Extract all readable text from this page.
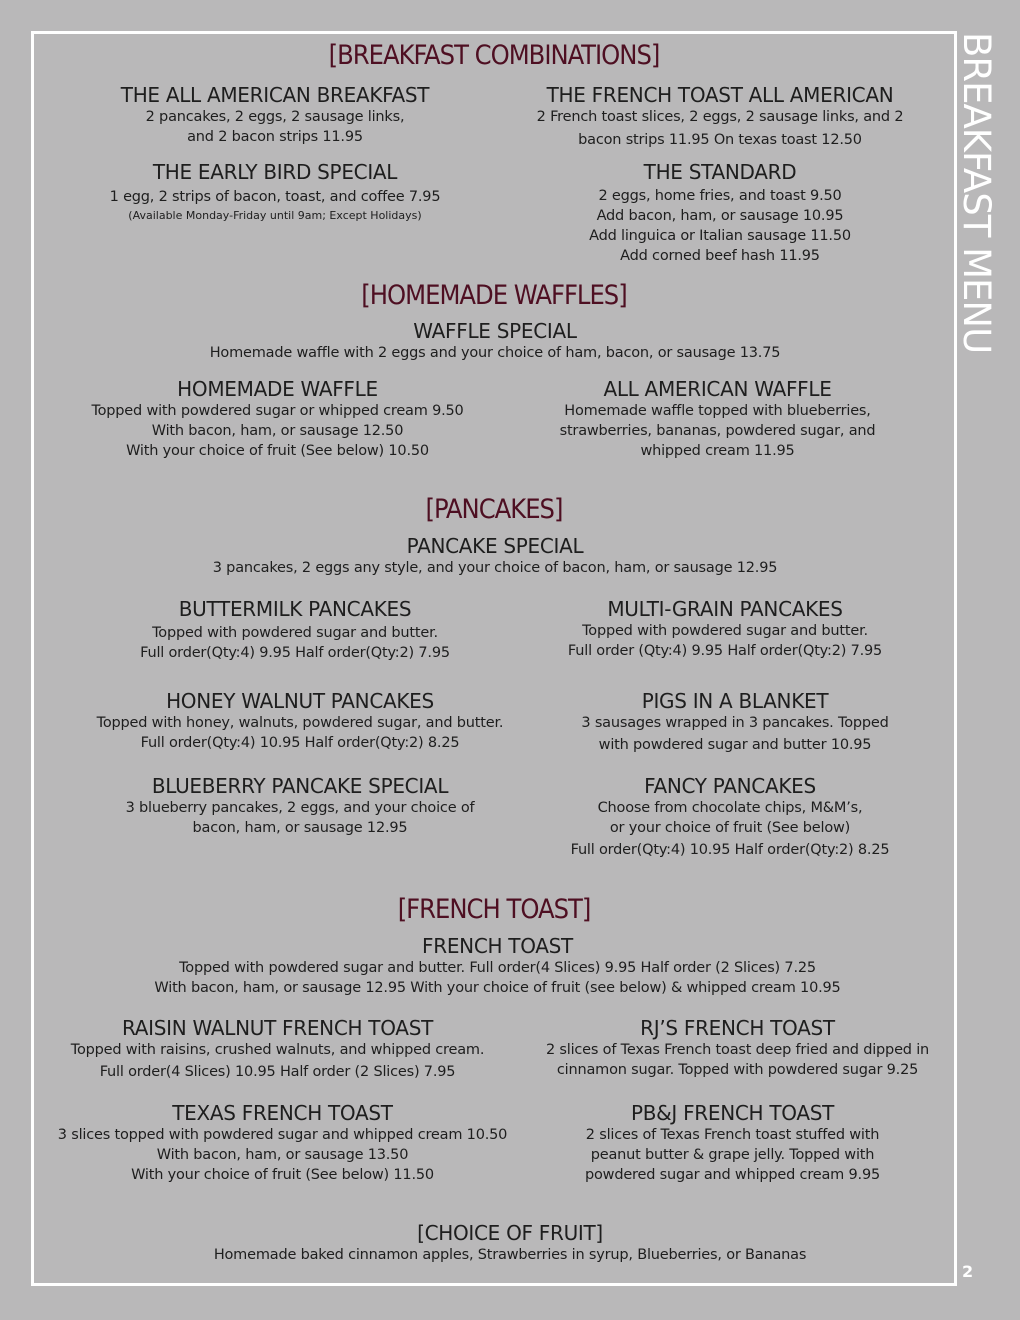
BREAKFAST MENU
2
[BREAKFAST COMBINATIONS]
THE ALL AMERICAN BREAKFAST
2 pancakes, 2 eggs, 2 sausage links,
and 2 bacon strips 11.95
THE FRENCH TOAST ALL AMERICAN
2 French toast slices, 2 eggs, 2 sausage links, and 2
bacon strips 11.95 On texas toast 12.50
THE EARLY BIRD SPECIAL
1 egg, 2 strips of bacon, toast, and coffee 7.95
(Available Monday-Friday until 9am; Except Holidays)
THE STANDARD
2 eggs, home fries, and toast 9.50
Add bacon, ham, or sausage 10.95
Add linguica or Italian sausage 11.50
Add corned beef hash 11.95
[HOMEMADE WAFFLES]
WAFFLE SPECIAL
Homemade waffle with 2 eggs and your choice of ham, bacon, or sausage 13.75
HOMEMADE WAFFLE
Topped with powdered sugar or whipped cream 9.50
With bacon, ham, or sausage 12.50
With your choice of fruit (See below) 10.50
ALL AMERICAN WAFFLE
Homemade waffle topped with blueberries,
strawberries, bananas, powdered sugar, and
whipped cream 11.95
[PANCAKES]
PANCAKE SPECIAL
3 pancakes, 2 eggs any style, and your choice of bacon, ham, or sausage 12.95
BUTTERMILK PANCAKES
Topped with powdered sugar and butter.
Full order(Qty:4) 9.95 Half order(Qty:2) 7.95
MULTI-GRAIN PANCAKES
Topped with powdered sugar and butter.
Full order (Qty:4) 9.95 Half order(Qty:2) 7.95
HONEY WALNUT PANCAKES
Topped with honey, walnuts, powdered sugar, and butter.
Full order(Qty:4) 10.95 Half order(Qty:2) 8.25
PIGS IN A BLANKET
3 sausages wrapped in 3 pancakes. Topped
with powdered sugar and butter 10.95
BLUEBERRY PANCAKE SPECIAL
3 blueberry pancakes, 2 eggs, and your choice of
bacon, ham, or sausage 12.95
FANCY PANCAKES
Choose from chocolate chips, M&M’s,
or your choice of fruit (See below)
Full order(Qty:4) 10.95 Half order(Qty:2) 8.25
[FRENCH TOAST]
FRENCH TOAST
Topped with powdered sugar and butter. Full order(4 Slices) 9.95 Half order (2 Slices) 7.25
With bacon, ham, or sausage 12.95 With your choice of fruit (see below) & whipped cream 10.95
RAISIN WALNUT FRENCH TOAST
Topped with raisins, crushed walnuts, and whipped cream.
Full order(4 Slices) 10.95 Half order (2 Slices) 7.95
RJ’S FRENCH TOAST
2 slices of Texas French toast deep fried and dipped in
cinnamon sugar. Topped with powdered sugar 9.25
TEXAS FRENCH TOAST
3 slices topped with powdered sugar and whipped cream 10.50
With bacon, ham, or sausage 13.50
With your choice of fruit (See below) 11.50
PB&J FRENCH TOAST
2 slices of Texas French toast stuffed with
peanut butter & grape jelly. Topped with
powdered sugar and whipped cream 9.95
[CHOICE OF FRUIT]
Homemade baked cinnamon apples, Strawberries in syrup, Blueberries, or Bananas
